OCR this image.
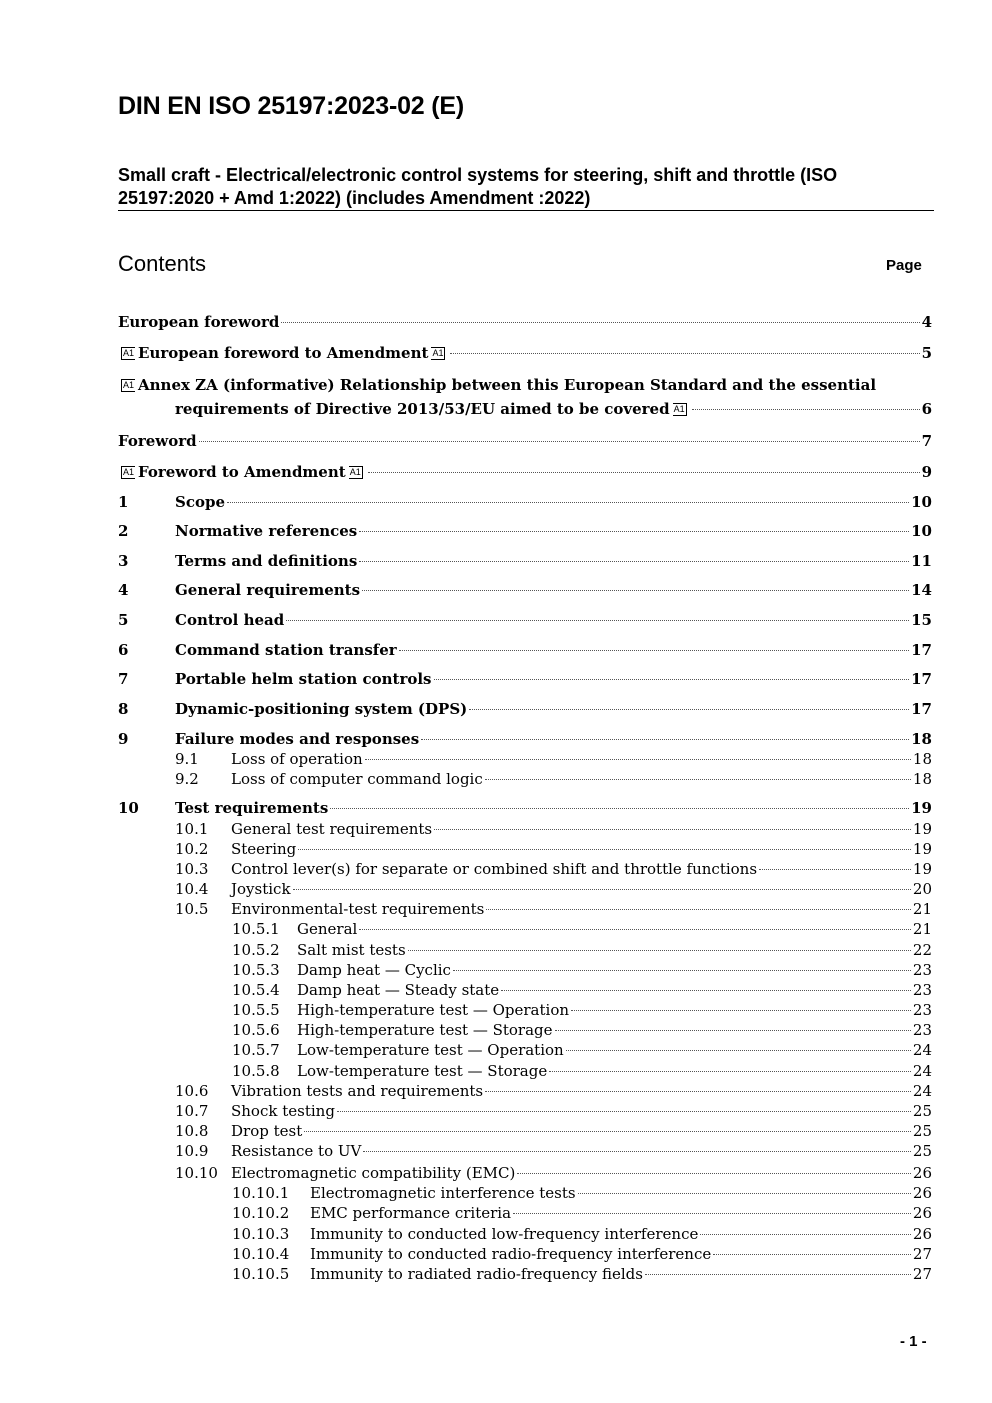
DIN EN ISO 25197:2023-02 (E)
Small craft - Electrical/electronic control systems for steering, shift and throttle (ISO 25197:2020 + Amd 1:2022) (includes Amendment :2022)
Contents	Page
European foreword	4
A1 European foreword to Amendment A1	5
A1 Annex ZA (informative) Relationship between this European Standard and the essential
requirements of Directive 2013/53/EU aimed to be covered A1	6
Foreword	7
A1 Foreword to Amendment A1	9
1	Scope	10
2	Normative references	10
3	Terms and definitions	11
4	General requirements	14
5	Control head	15
6	Command station transfer	17
7	Portable helm station controls	17
8	Dynamic-positioning system (DPS)	17
9	Failure modes and responses	18
9.1	Loss of operation	18
9.2	Loss of computer command logic	18
10	Test requirements	19
10.1	General test requirements	19
10.2	Steering	19
10.3	Control lever(s) for separate or combined shift and throttle functions	19
10.4	Joystick	20
10.5	Environmental-test requirements	21
10.5.1	General	21
10.5.2	Salt mist tests	22
10.5.3	Damp heat — Cyclic	23
10.5.4	Damp heat — Steady state	23
10.5.5	High-temperature test — Operation	23
10.5.6	High-temperature test — Storage	23
10.5.7	Low-temperature test — Operation	24
10.5.8	Low-temperature test — Storage	24
10.6	Vibration tests and requirements	24
10.7	Shock testing	25
10.8	Drop test	25
10.9	Resistance to UV	25
10.10 Electromagnetic compatibility (EMC)	26
10.10.1	Electromagnetic interference tests	26
10.10.2	EMC performance criteria	26
10.10.3	Immunity to conducted low-frequency interference	26
10.10.4	Immunity to conducted radio-frequency interference	27
10.10.5	Immunity to radiated radio-frequency fields	27
- 1 -
